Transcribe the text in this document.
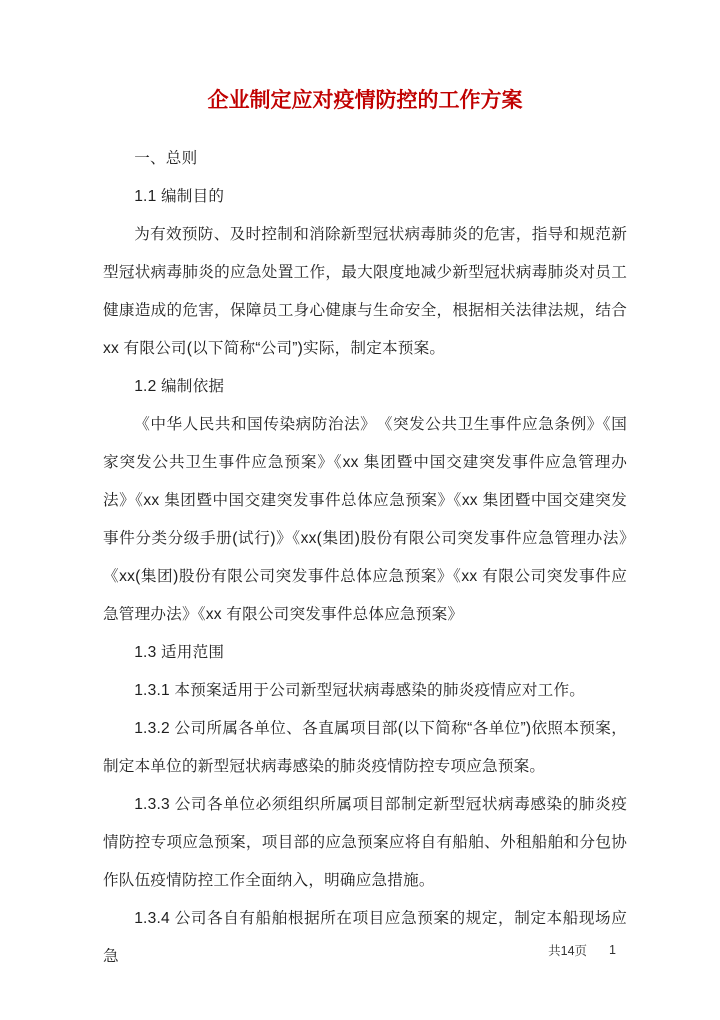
企业制定应对疫情防控的工作方案

一、总则

1.1 编制目的

为有效预防、及时控制和消除新型冠状病毒肺炎的危害，指导和规范新型冠状病毒肺炎的应急处置工作，最大限度地减少新型冠状病毒肺炎对员工健康造成的危害，保障员工身心健康与生命安全，根据相关法律法规，结合 xx 有限公司(以下简称“公司”)实际，制定本预案。

1.2 编制依据

《中华人民共和国传染病防治法》　《突发公共卫生事件应急条例》《国家突发公共卫生事件应急预案》《xx 集团暨中国交建突发事件应急管理办法》《xx 集团暨中国交建突发事件总体应急预案》《xx 集团暨中国交建突发事件分类分级手册(试行)》《xx(集团)股份有限公司突发事件应急管理办法》　　　《xx(集团)股份有限公司突发事件总体应急预案》《xx 有限公司突发事件应急管理办法》《xx 有限公司突发事件总体应急预案》

1.3 适用范围

1.3.1 本预案适用于公司新型冠状病毒感染的肺炎疫情应对工作。

1.3.2 公司所属各单位、各直属项目部(以下简称“各单位”)依照本预案，制定本单位的新型冠状病毒感染的肺炎疫情防控专项应急预案。

1.3.3 公司各单位必须组织所属项目部制定新型冠状病毒感染的肺炎疫情防控专项应急预案，项目部的应急预案应将自有船舶、外租船舶和分包协作队伍疫情防控工作全面纳入，明确应急措施。

1.3.4 公司各自有船舶根据所在项目应急预案的规定，制定本船现场应急	共14页 1
